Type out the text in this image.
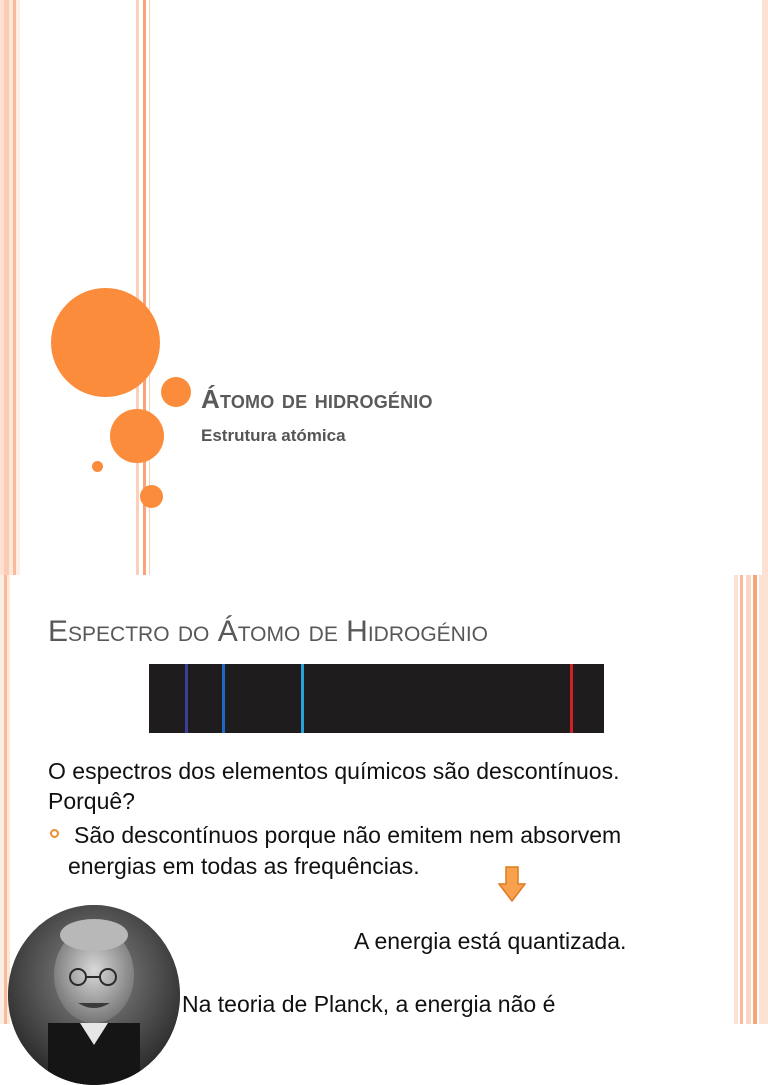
Átomo de hidrogénio

Estrutura atómica

Espectro do Átomo de Hidrogénio

O espectros dos elementos químicos são descontínuos.

Porquê?

São descontínuos porque não emitem nem absorvem

energias em todas as frequências.

A energia está quantizada.

Na teoria de Planck, a energia não é
